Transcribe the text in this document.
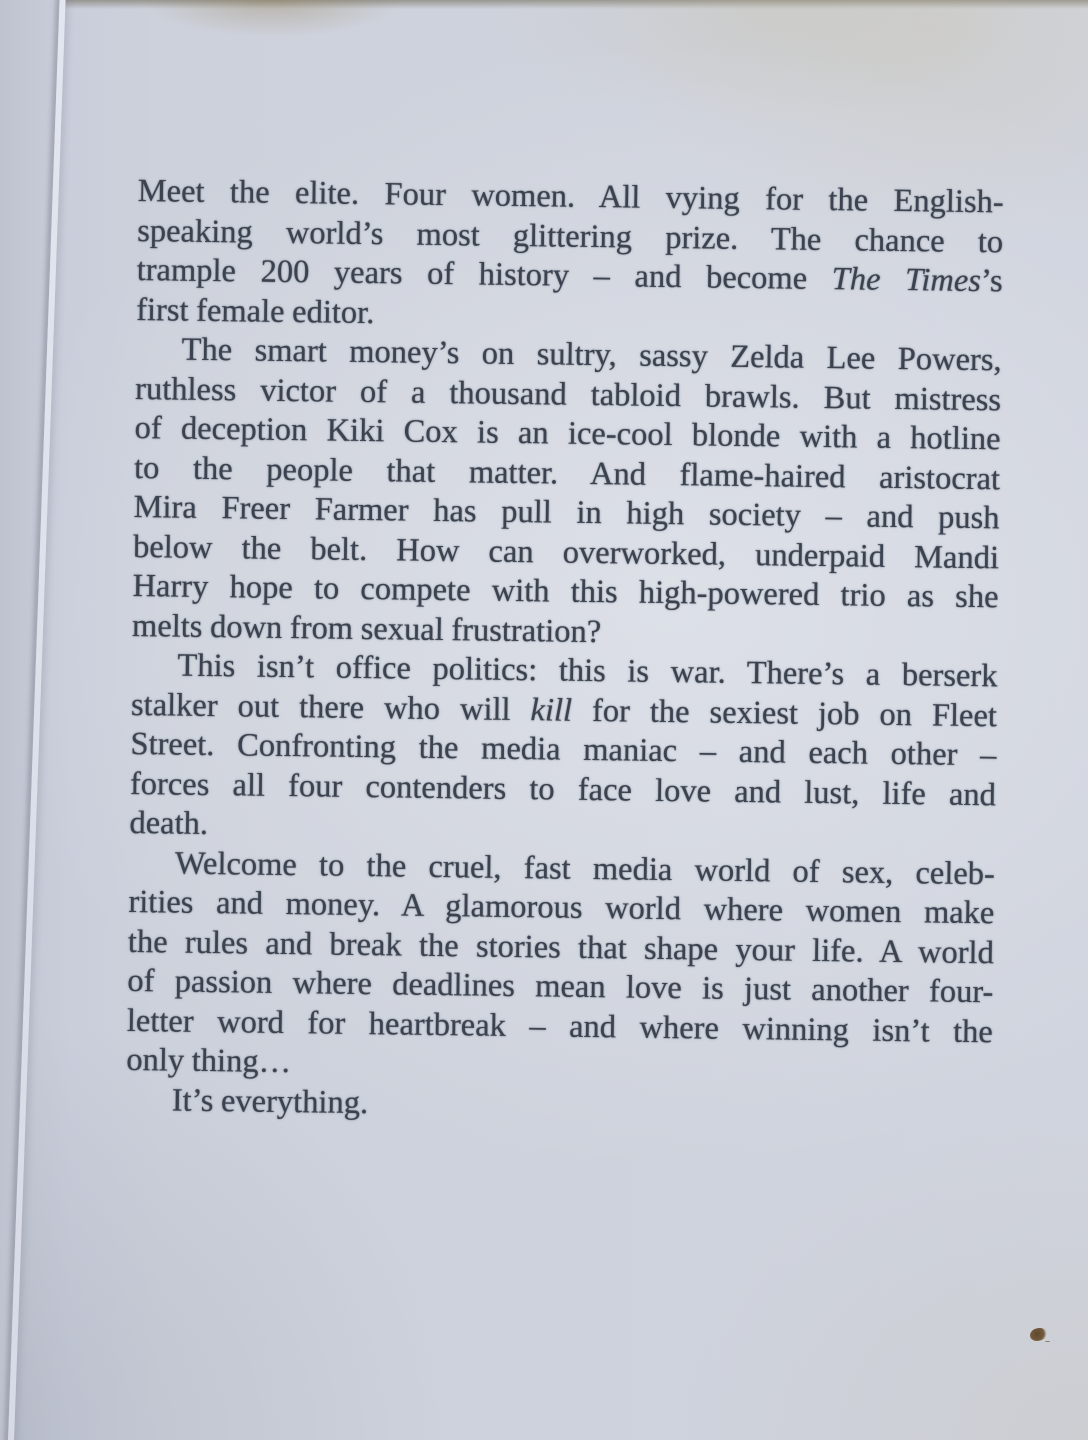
Meet the elite. Four women. All vying for the English-
speaking world’s most glittering prize. The chance to
trample 200 years of history – and become The Times’s
first female editor.
The smart money’s on sultry, sassy Zelda Lee Powers,
ruthless victor of a thousand tabloid brawls. But mistress
of deception Kiki Cox is an ice-cool blonde with a hotline
to the people that matter. And flame-haired aristocrat
Mira Freer Farmer has pull in high society – and push
below the belt. How can overworked, underpaid Mandi
Harry hope to compete with this high-powered trio as she
melts down from sexual frustration?
This isn’t office politics: this is war. There’s a berserk
stalker out there who will kill for the sexiest job on Fleet
Street. Confronting the media maniac – and each other –
forces all four contenders to face love and lust, life and
death.
Welcome to the cruel, fast media world of sex, celeb-
rities and money. A glamorous world where women make
the rules and break the stories that shape your life. A world
of passion where deadlines mean love is just another four-
letter word for heartbreak – and where winning isn’t the
only thing…
It’s everything.
